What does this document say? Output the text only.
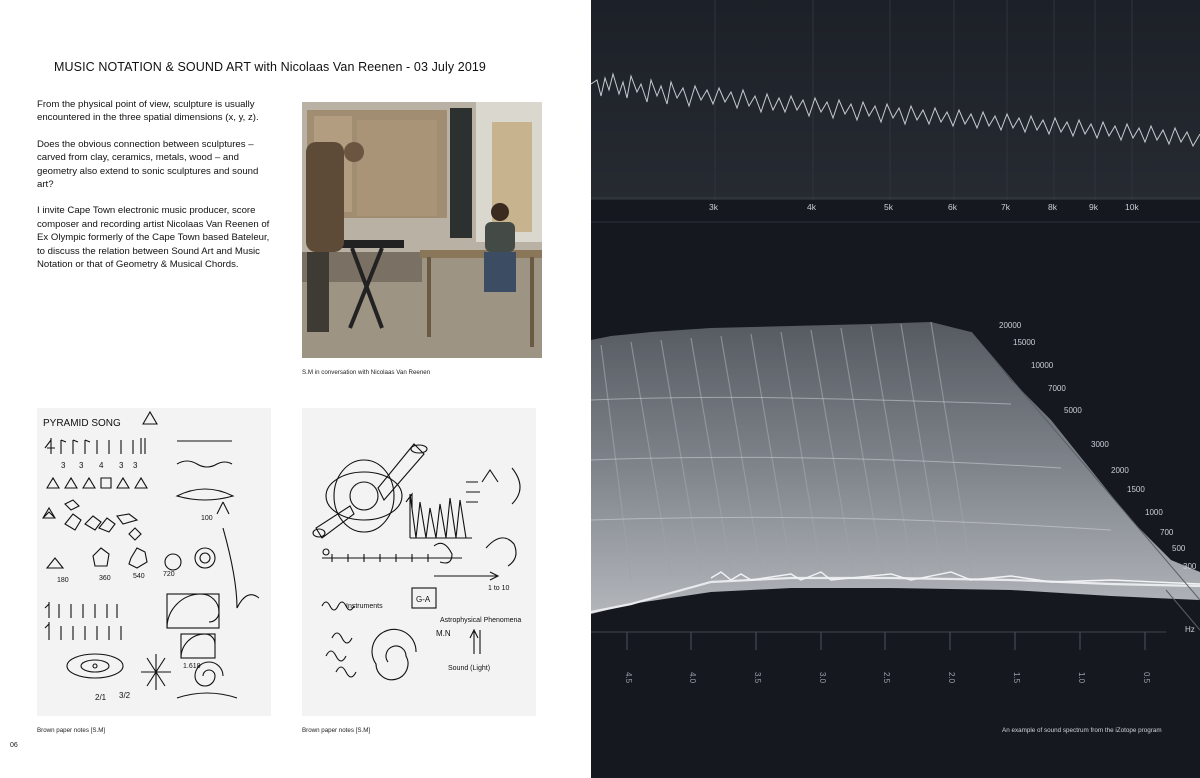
MUSIC NOTATION & SOUND ART with Nicolaas Van Reenen - 03 July 2019

From the physical point of view, sculpture is usually encountered in the three spatial dimensions (x, y, z).

Does the obvious connection between sculptures – carved from clay, ceramics, metals, wood – and geometry also extend to sonic sculptures and sound art?

I invite Cape Town electronic music producer, score composer and recording artist Nicolaas Van Reenen of Ex Olympic formerly of the Cape Town based Bateleur, to discuss the relation between Sound Art and Music Notation or that of Geometry & Musical Chords.

S.M in conversation with Nicolaas Van Reenen
PYRAMID SONG
3 3 4 3 3
100
180	360	540	720
1.618
2/1 3/2
Brown paper notes [S.M]
1 to 10
Instruments
G-A
M.N
Astrophysical Phenomena
Sound (Light)
Brown paper notes [S.M]
06
3k	4k	5k	6k	7k	8k	9k	10k
20000
15000
10000
7000
5000
3000
2000
1500
1000
700
500
300
Hz
4.5	4.0	3.5	3.0	2.5	2.0	1.5	1.0	0.5
An example of sound spectrum from the iZotope program
